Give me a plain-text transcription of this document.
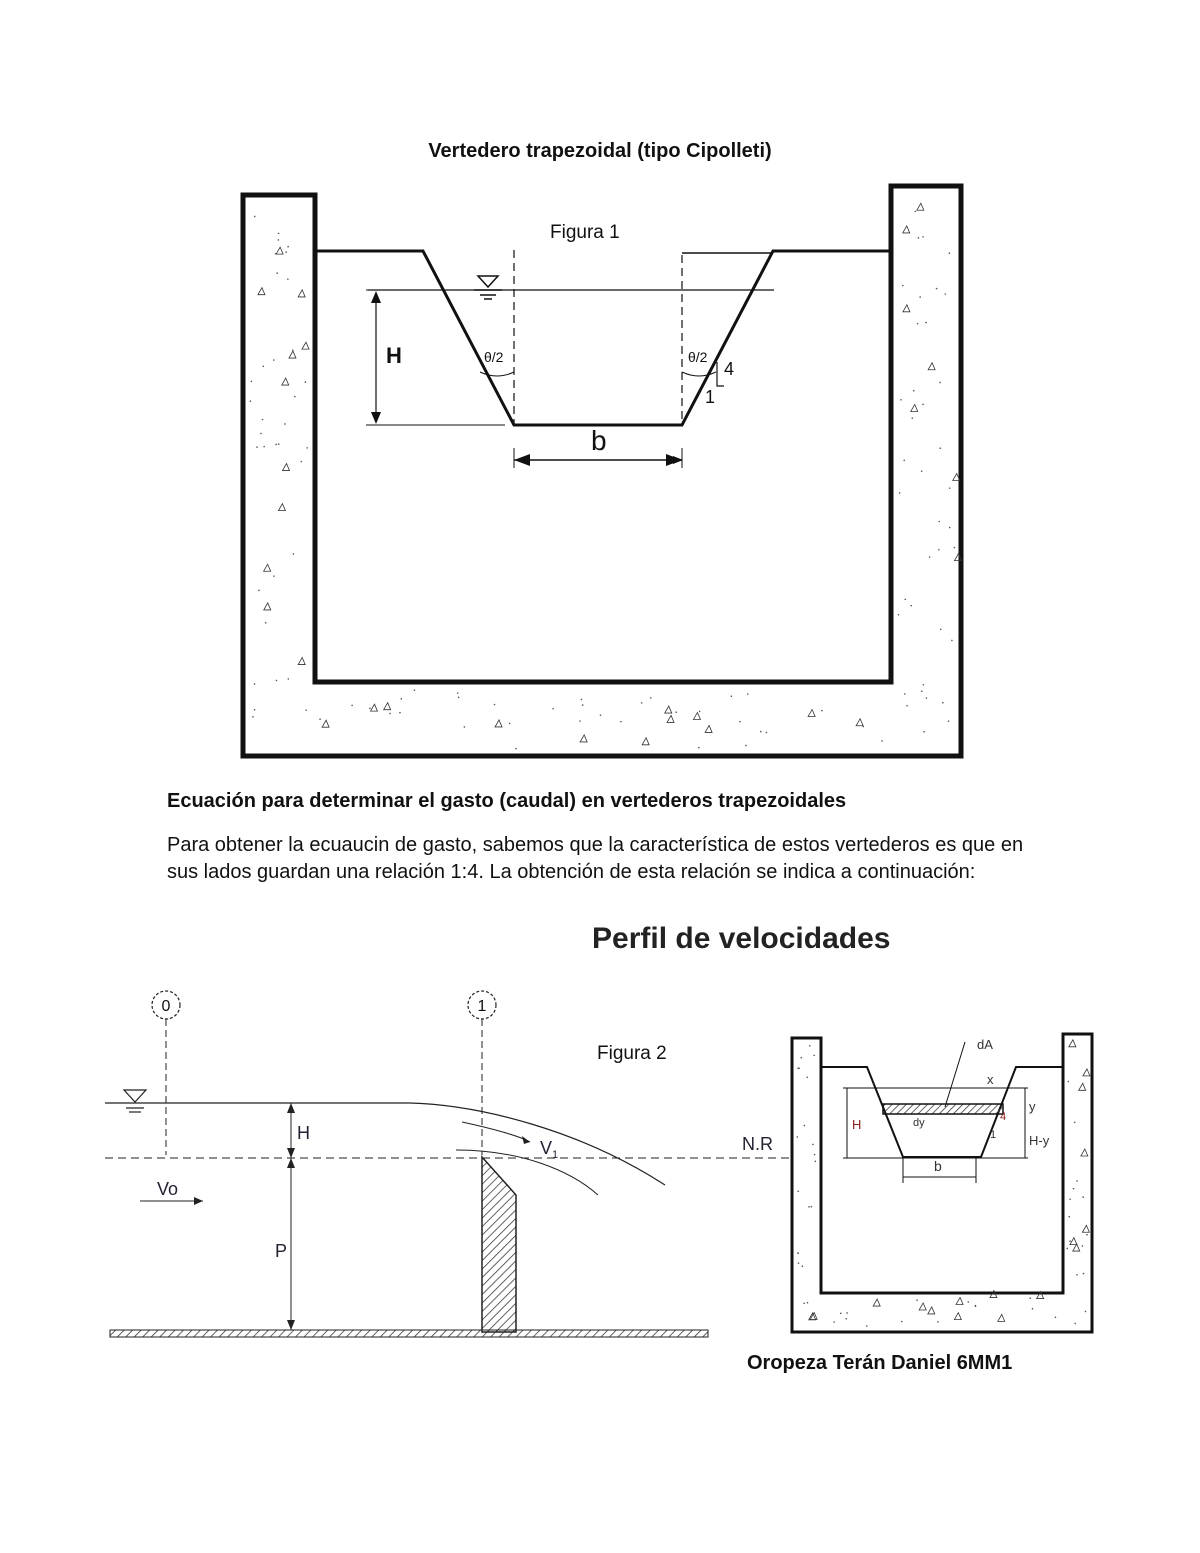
Vertedero trapezoidal (tipo Cipolleti)
Figura 1
H	θ/2	θ/2
4
1
b
Ecuación para determinar el gasto (caudal) en vertederos trapezoidales
Para obtener la ecuaucin de gasto, sabemos que la característica de estos vertederos es que en sus lados guardan una relación 1:4. La obtención de esta relación se indica a continuación:
Perfil de velocidades
0	1
H
P
Vo
$V_1$
N.R
Figura 2	dA
x
y
H
H-y
dy	4
1
b
Oropeza Terán Daniel 6MM1
